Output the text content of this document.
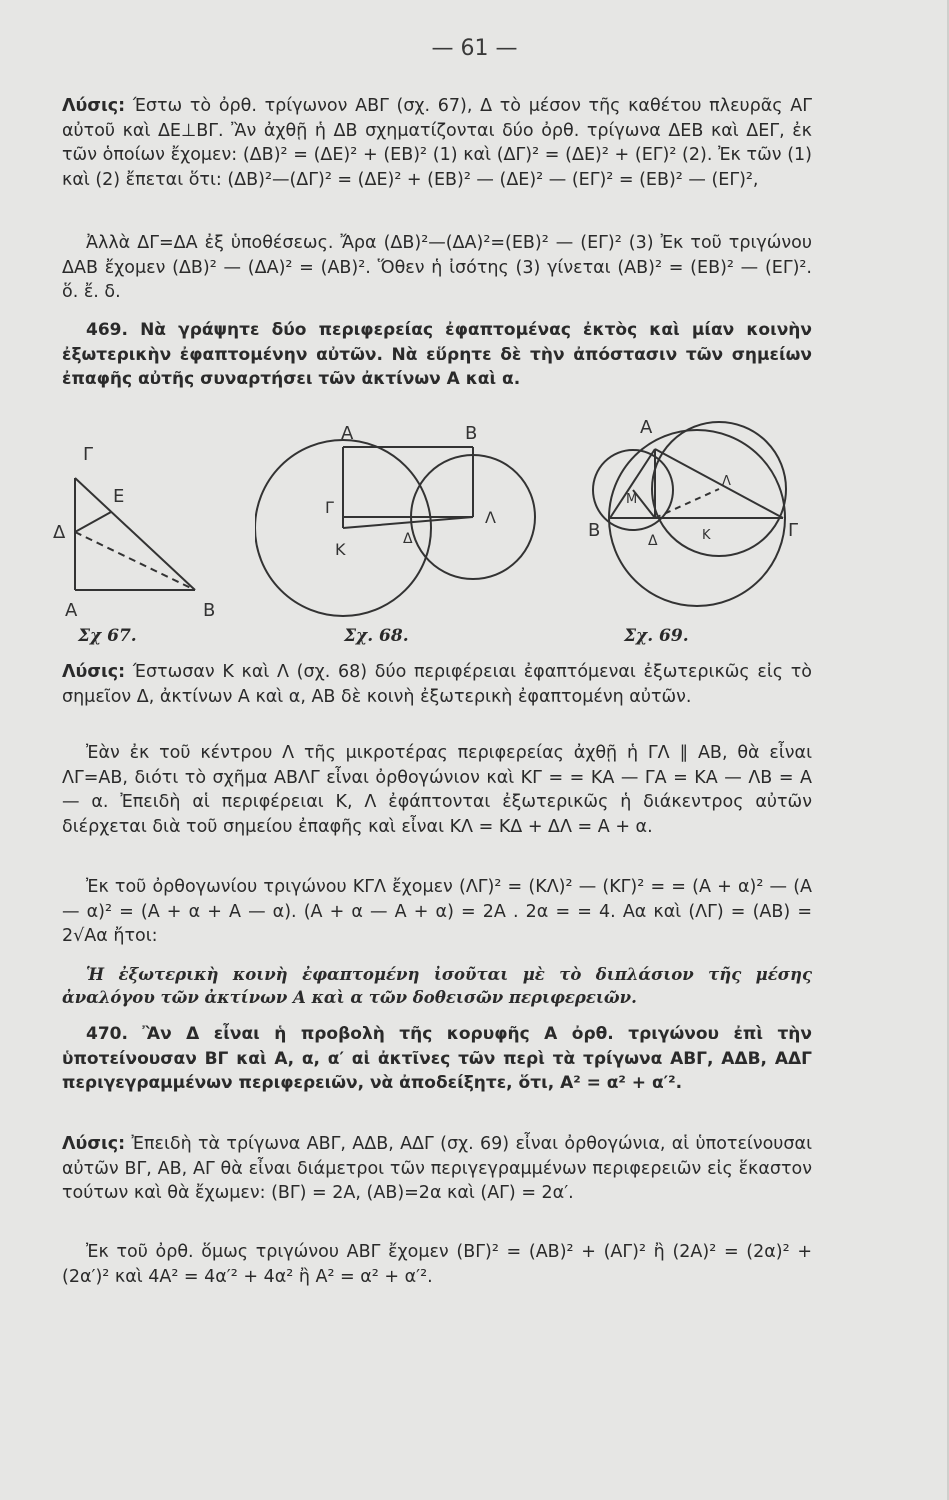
— 61 —
Λύσις: Έστω τὸ ὀρθ. τρίγωνον ΑΒΓ (σχ. 67), Δ τὸ μέσον τῆς καθέτου πλευρᾶς ΑΓ αὐτοῦ καὶ ΔΕ⊥ΒΓ. Ἂν ἀχθῇ ἡ ΔΒ σχηματίζονται δύο ὀρθ. τρίγωνα ΔΕΒ καὶ ΔΕΓ, ἐκ τῶν ὁποίων ἔχομεν: (ΔΒ)² = (ΔΕ)² + (ΕΒ)² (1) καὶ (ΔΓ)² = (ΔΕ)² + (ΕΓ)² (2). Ἐκ τῶν (1) καὶ (2) ἔπεται ὅτι: (ΔΒ)²—(ΔΓ)² = (ΔΕ)² + (ΕΒ)² — (ΔΕ)² — (ΕΓ)² = (ΕΒ)² — (ΕΓ)²,
Ἀλλὰ ΔΓ=ΔΑ ἐξ ὑποθέσεως. Ἄρα (ΔΒ)²—(ΔΑ)²=(ΕΒ)² — (ΕΓ)² (3) Ἐκ τοῦ τριγώνου ΔΑΒ ἔχομεν (ΔΒ)² — (ΔΑ)² = (ΑΒ)². Ὅθεν ἡ ἰσότης (3) γίνεται (ΑΒ)² = (ΕΒ)² — (ΕΓ)². ὅ. ἔ. δ.
469. Νὰ γράψητε δύο περιφερείας ἐφαπτομένας ἐκτὸς καὶ μίαν κοινὴν ἐξωτερικὴν ἐφαπτομένην αὐτῶν. Νὰ εὕρητε δὲ τὴν ἀπόστασιν τῶν σημείων ἐπαφῆς αὐτῆς συναρτήσει τῶν ἀκτίνων Α καὶ α.
Γ
Ε
Δ
Α	Β
Α	Β
Γ
Κ
Δ
Λ
Α
Λ
Μ
Β	Δ	Κ	Γ
Σχ 67.	Σχ. 68.	Σχ. 69.
Λύσις: Έστωσαν Κ καὶ Λ (σχ. 68) δύο περιφέρειαι ἐφαπτόμεναι ἐξωτερικῶς εἰς τὸ σημεῖον Δ, ἀκτίνων Α καὶ α, ΑΒ δὲ κοινὴ ἐξωτερικὴ ἐφαπτομένη αὐτῶν.
Ἐὰν ἐκ τοῦ κέντρου Λ τῆς μικροτέρας περιφερείας ἀχθῇ ἡ ΓΛ ∥ ΑΒ, θὰ εἶναι ΛΓ=ΑΒ, διότι τὸ σχῆμα ΑΒΛΓ εἶναι ὀρθογώνιον καὶ ΚΓ = = ΚΑ — ΓΑ = ΚΑ — ΛΒ = Α — α. Ἐπειδὴ αἱ περιφέρειαι Κ, Λ ἐφάπτονται ἐξωτερικῶς ἡ διάκεντρος αὐτῶν διέρχεται διὰ τοῦ σημείου ἐπαφῆς καὶ εἶναι ΚΛ = ΚΔ + ΔΛ = Α + α.
Ἐκ τοῦ ὀρθογωνίου τριγώνου ΚΓΛ ἔχομεν (ΛΓ)² = (ΚΛ)² — (ΚΓ)² = = (Α + α)² — (Α — α)² = (Α + α + Α — α). (Α + α — Α + α) = 2Α . 2α = = 4. Αα καὶ (ΛΓ) = (ΑΒ) = 2√Αα ἤτοι:
Ἡ ἐξωτερικὴ κοινὴ ἐφαπτομένη ἰσοῦται μὲ τὸ διπλάσιον τῆς μέσης ἀναλόγου τῶν ἀκτίνων Α καὶ α τῶν δοθεισῶν περιφερειῶν.
470. Ἂν Δ εἶναι ἡ προβολὴ τῆς κορυφῆς Α ὀρθ. τριγώνου ἐπὶ τὴν ὑποτείνουσαν ΒΓ καὶ Α, α, α′ αἱ ἀκτῖνες τῶν περὶ τὰ τρίγωνα ΑΒΓ, ΑΔΒ, ΑΔΓ περιγεγραμμένων περιφερειῶν, νὰ ἀποδείξητε, ὅτι, Α² = α² + α′².
Λύσις: Ἐπειδὴ τὰ τρίγωνα ΑΒΓ, ΑΔΒ, ΑΔΓ (σχ. 69) εἶναι ὀρθογώνια, αἱ ὑποτείνουσαι αὐτῶν ΒΓ, ΑΒ, ΑΓ θὰ εἶναι διάμετροι τῶν περιγεγραμμένων περιφερειῶν εἰς ἕκαστον τούτων καὶ θὰ ἔχωμεν: (ΒΓ) = 2Α, (ΑΒ)=2α καὶ (ΑΓ) = 2α′.
Ἐκ τοῦ ὀρθ. ὅμως τριγώνου ΑΒΓ ἔχομεν (ΒΓ)² = (ΑΒ)² + (ΑΓ)² ἢ (2Α)² = (2α)² + (2α′)² καὶ 4Α² = 4α′² + 4α² ἢ Α² = α² + α′².
